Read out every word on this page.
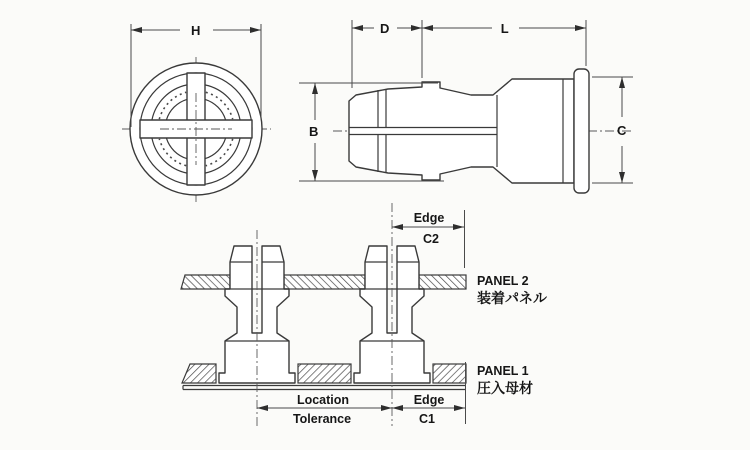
H	D	L
B	C
Edge
C2
Location
Tolerance
Edge
C1
PANEL 2
装着パネル
PANEL 1
圧入母材
